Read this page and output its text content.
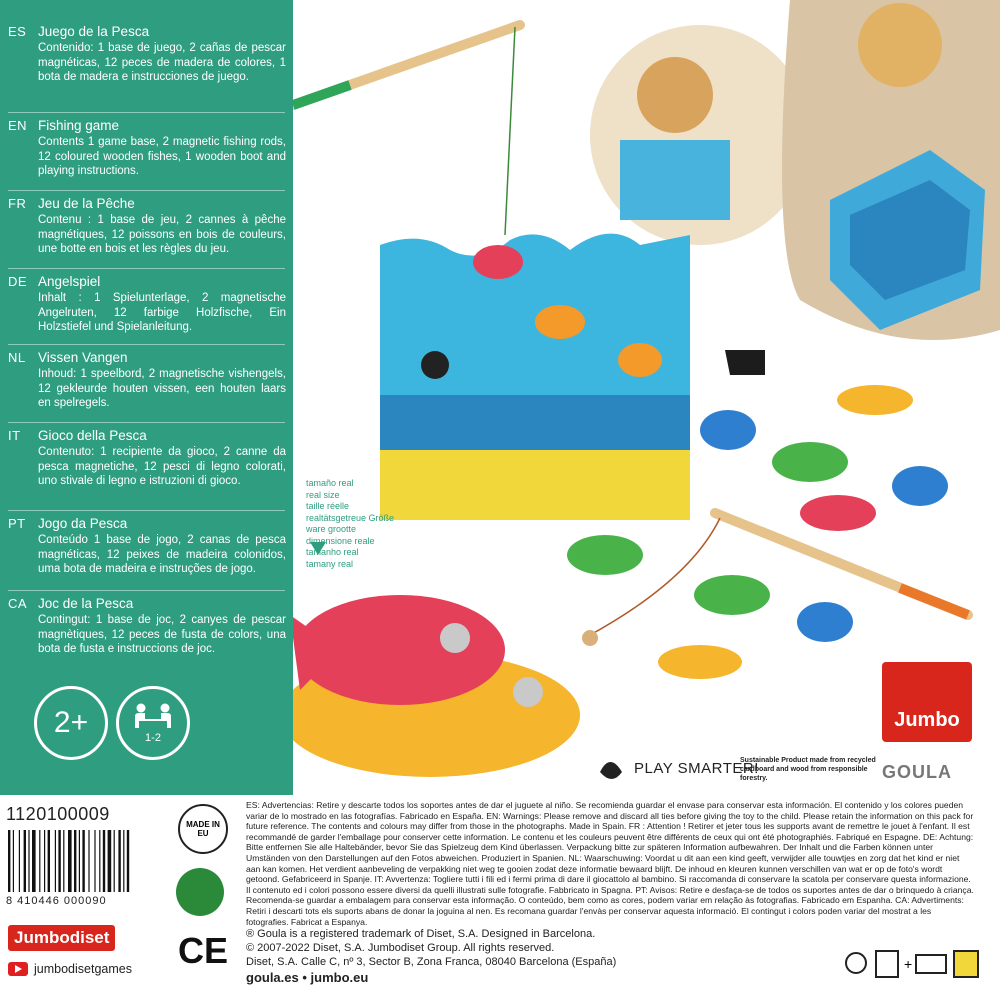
ES Juego de la Pesca
Contenido: 1 base de juego, 2 cañas de pescar magnéticas, 12 peces de madera de colores, 1 bota de madera e instrucciones de juego.
EN Fishing game
Contents 1 game base, 2 magnetic fishing rods, 12 coloured wooden fishes, 1 wooden boot and playing instructions.
FR Jeu de la Pêche
Contenu : 1 base de jeu, 2 cannes à pêche magnétiques, 12 poissons en bois de couleurs, une botte en bois et les règles du jeu.
DE Angelspiel
Inhalt : 1 Spielunterlage, 2 magnetische Angelruten, 12 farbige Holzfische, Ein Holzstiefel und Spielanleitung.
NL Vissen Vangen
Inhoud: 1 speelbord, 2 magnetische vishengels, 12 gekleurde houten vissen, een houten laars en spelregels.
IT Gioco della Pesca
Contenuto: 1 recipiente da gioco, 2 canne da pesca magnetiche, 12 pesci di legno colorati, uno stivale di legno e istruzioni di gioco.
PT Jogo da Pesca
Conteúdo 1 base de jogo, 2 canas de pesca magnéticas, 12 peixes de madeira colonidos, uma bota de madeira e instruções de jogo.
CA Joc de la Pesca
Contingut: 1 base de joc, 2 canyes de pescar magnètiques, 12 peces de fusta de colors, una bota de fusta e instruccions de joc.
2+	1-2
tamaño real
real size
taille réelle
realtätsgetreue Größe
ware grootte
dimensione reale
tamanho real
tamany real
Jumbo
PLAY SMARTER!
Sustainable Product made from recycled cardboard and wood from responsible forestry.	GOULA
1120100009
8 410446 000090
MADE IN EU
CE
Jumbodiset
jumbodisetgames
ES: Advertencias: Retire y descarte todos los soportes antes de dar el juguete al niño. Se recomienda guardar el envase para conservar esta información. El contenido y los colores pueden variar de lo mostrado en las fotografías. Fabricado en España. EN: Warnings: Please remove and discard all ties before giving the toy to the child. Please retain the information on this pack for future reference. The contents and colours may differ from those in the photographs. Made in Spain. FR : Attention ! Retirer et jeter tous les supports avant de remettre le jouet à l'enfant. Il est recommandé de garder l'emballage pour conserver cette information. Le contenu et les couleurs peuvent être différents de ceux qui ont été photographiés. Fabriqué en Espagne. DE: Achtung: Bitte entfernen Sie alle Haltebänder, bevor Sie das Spielzeug dem Kind überlassen. Verpackung bitte zur späteren Information aufbewahren. Der Inhalt und die Farben können unter Umständen von den Darstellungen auf den Fotos abweichen. Produziert in Spanien. NL: Waarschuwing: Voordat u dit aan een kind geeft, verwijder alle touwtjes en zorg dat het kind er niet aan kan komen. Het verdient aanbeveling de verpakking niet weg te gooien zodat deze informatie bewaard blijft. De inhoud en kleuren kunnen verschillen van wat er op de foto's wordt getoond. Gefabriceerd in Spanje. IT: Avvertenza: Togliere tutti i fili ed i fermi prima di dare il giocattolo al bambino. Si raccomanda di conservare la scatola per conservare questa informazione. Il contenuto ed i colori possono essere diversi da quelli illustrati sulle fotografie. Fabbricato in Spagna. PT: Avisos: Retire e desfaça-se de todos os suportes antes de dar o brinquedo à criança. Recomenda-se guardar a embalagem para conservar esta informação. O conteúdo, bem como as cores, podem variar em relação às fotografias. Fabricado em Espanha. CA: Advertiments: Retiri i descarti tots els suports abans de donar la joguina al nen. Es recomana guardar l'envàs per conservar aquesta informació. El contingut i colors poden variar del mostrat a les fotografies. Fabricat a Espanya.
® Goula is a registered trademark of Diset, S.A. Designed in Barcelona.
© 2007-2022 Diset, S.A. Jumbodiset Group. All rights reserved.
Diset, S.A. Calle C, nº 3, Sector B, Zona Franca, 08040 Barcelona (España)
goula.es • jumbo.eu
+
